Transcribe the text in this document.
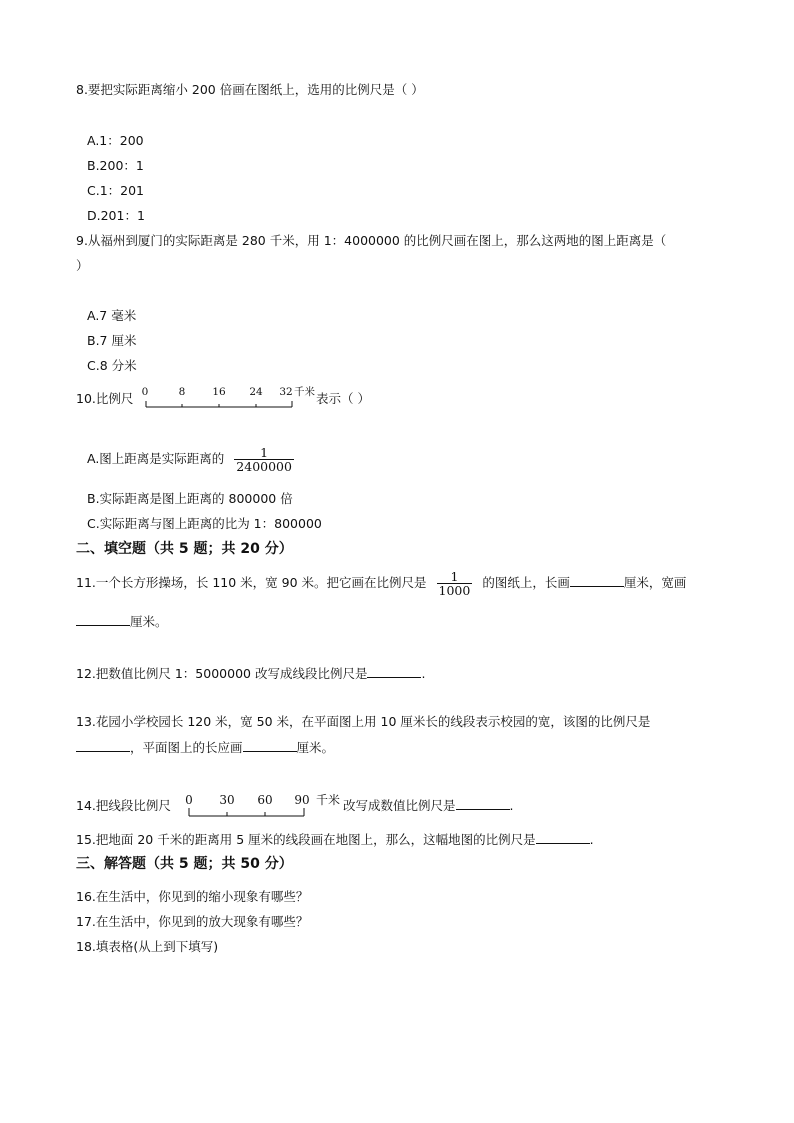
8.要把实际距离缩小 200 倍画在图纸上，选用的比例尺是（ ）
A.1：200
B.200：1
C.1：201
D.201：1
9.从福州到厦门的实际距离是 280 千米，用 1：4000000 的比例尺画在图上，那么这两地的图上距离是（
）
A.7 毫米
B.7 厘米
C.8 分米
10.比例尺 0	8	16 24 32 千米 表示（ ）
A.图上距离是实际距离的 $\frac{1}{2400000}$
B.实际距离是图上距离的 800000 倍
C.实际距离与图上距离的比为 1：800000
二、填空题（共 5 题；共 20 分）
11.一个长方形操场，长 110 米，宽 90 米。把它画在比例尺是 $\frac{1}{1000}$ 的图纸上，长画	厘米，宽画
厘米。
12.把数值比例尺 1：5000000 改写成线段比例尺是	.
13.花园小学校园长 120 米，宽 50 米，在平面图上用 10 厘米长的线段表示校园的宽，该图的比例尺是
，平面图上的长应画	厘米。
14.把线段比例尺 0 30 60 90 千米 改写成数值比例尺是	.
15.把地面 20 千米的距离用 5 厘米的线段画在地图上，那么，这幅地图的比例尺是	.
三、解答题（共 5 题；共 50 分）
16.在生活中，你见到的缩小现象有哪些？
17.在生活中，你见到的放大现象有哪些？
18.填表格(从上到下填写)
